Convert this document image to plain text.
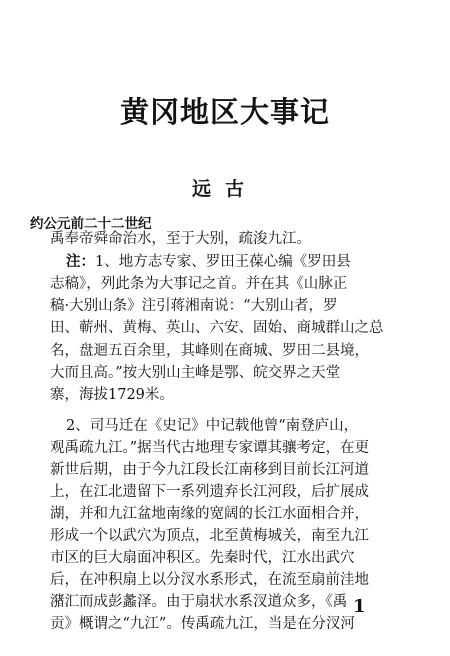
黄冈地区大事记
远古
约公元前二十二世纪
禹奉帝舜命治水，至于大别，疏浚九江。
注：1、地方志专家、罗田王葆心编《罗田县
志稿》，列此条为大事记之首。并在其《山脉正
稿·大别山条》注引蒋湘南说：“大别山者，罗
田、蕲州、黄梅、英山、六安、固始、商城群山之总
名，盘迴五百余里，其峰则在商城、罗田二县境，
大而且高。”按大别山主峰是鄂、皖交界之天堂
寨，海拔1729米。
2、司马迁在《史记》中记载他曾“南登庐山，
观禹疏九江。”据当代古地理专家谭其骧考定，在更
新世后期，由于今九江段长江南移到目前长江河道
上，在江北遗留下一系列遗弃长江河段，后扩展成
湖，并和九江盆地南缘的宽阔的长江水面相合并，
形成一个以武穴为顶点，北至黄梅城关，南至九江
市区的巨大扇面冲积区。先秦时代，江水出武穴
后，在冲积扇上以分汊水系形式，在流至扇前洼地
潴汇而成彭蠡泽。由于扇状水系汊道众多，《禹
贡》概谓之“九江”。传禹疏九江，当是在分汊河
1
